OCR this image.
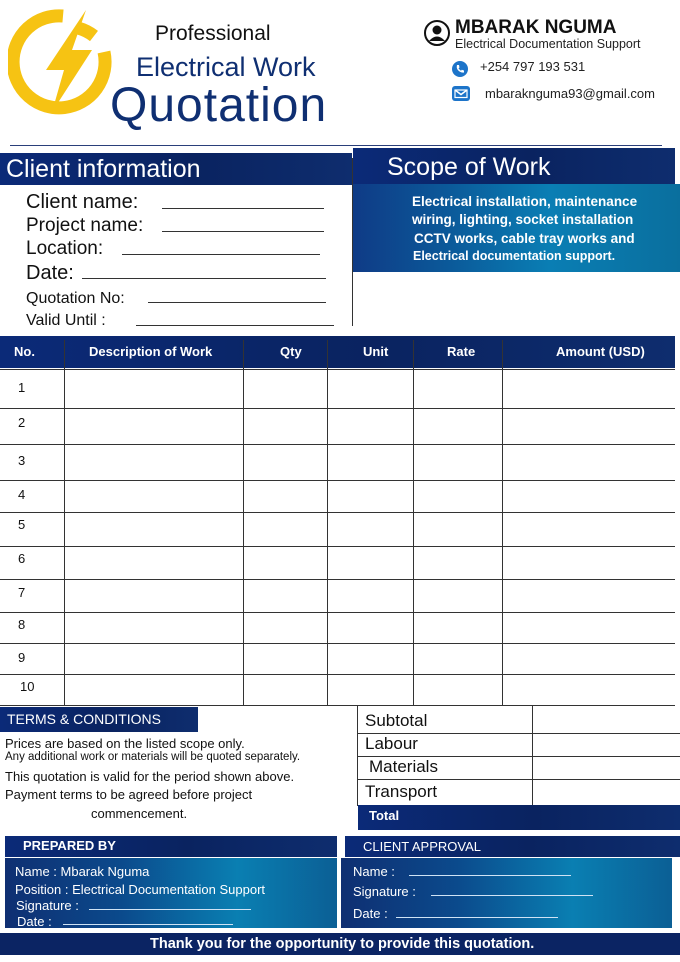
Professional
Electrical Work
Quotation
MBARAK NGUMA
Electrical Documentation Support
+254 797 193 531
mbaraknguma93@gmail.com
Client information
Client name:
Project name:
Location:
Date:
Quotation No:
Valid Until :
Scope of Work
Electrical installation, maintenance
wiring, lighting, socket installation
CCTV works, cable tray works and
Electrical documentation support.
No.	Description of Work	Qty	Unit	Rate	Amount (USD)
1
2
3
4
5
6
7
8
9
10
TERMS & CONDITIONS
Prices are based on the listed scope only.
Any additional work or materials will be quoted separately.
This quotation is valid for the period shown above.
Payment terms to be agreed before project
commencement.
Subtotal
Labour
Materials
Transport
Total
PREPARED BY	CLIENT APPROVAL
Name : Mbarak Nguma
Position : Electrical Documentation Support
Signature :
Date :
Name :
Signature :
Date :
Thank you for the opportunity to provide this quotation.
